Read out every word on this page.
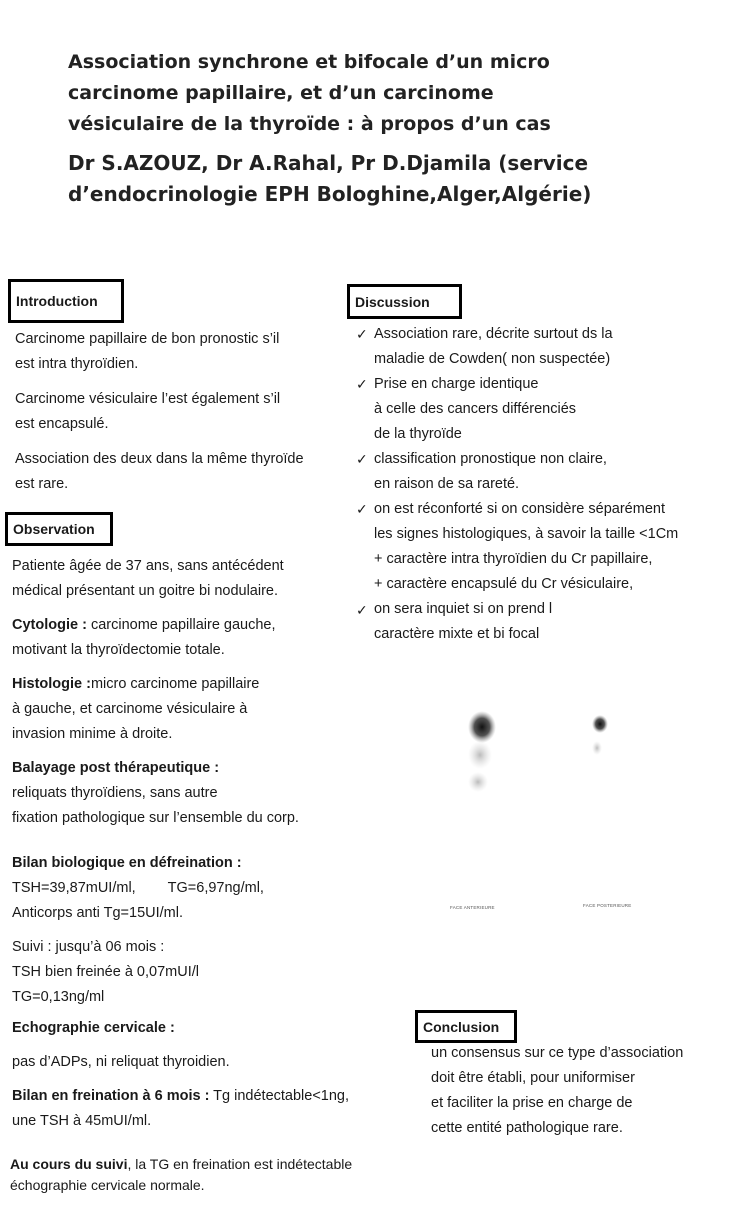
Association synchrone et bifocale d’un micro
carcinome papillaire, et d’un carcinome
vésiculaire de la thyroïde : à propos d’un cas
Dr S.AZOUZ, Dr A.Rahal, Pr D.Djamila (service
d’endocrinologie EPH Bologhine,Alger,Algérie)
Introduction
Carcinome papillaire de bon pronostic s’il
est intra thyroïdien.
Carcinome vésiculaire l’est également s’il
est encapsulé.
Association des deux dans la même thyroïde
est rare.
Observation
Patiente âgée de 37 ans, sans antécédent
médical présentant un goitre bi nodulaire.
Cytologie : carcinome papillaire gauche,
motivant la thyroïdectomie totale.
Histologie :micro carcinome papillaire
à gauche, et carcinome vésiculaire à
invasion minime à droite.
Balayage post thérapeutique :
reliquats thyroïdiens, sans autre
fixation pathologique sur l’ensemble du corp.
Bilan biologique en défreination :
TSH=39,87mUI/ml,        TG=6,97ng/ml,
Anticorps anti Tg=15UI/ml.
Suivi : jusqu’à 06 mois :
TSH bien freinée à 0,07mUI/l
TG=0,13ng/ml
Echographie cervicale :
pas d’ADPs, ni reliquat thyroidien.
Bilan en freination à 6 mois : Tg indétectable<1ng,
une TSH à 45mUI/ml.
Au cours du suivi, la TG en freination est indétectable
échographie cervicale normale.
Discussion
✓
✓
✓
✓
✓
Association rare, décrite surtout ds la
maladie de Cowden( non suspectée)
Prise en charge identique
à celle des cancers différenciés
de la thyroïde
classification pronostique non claire,
en raison de sa rareté.
on est réconforté si on considère séparément
les signes histologiques, à savoir la taille <1Cm
+ caractère intra thyroïdien du Cr papillaire,
+ caractère encapsulé du Cr vésiculaire,
on sera inquiet si on prend l
caractère mixte et bi focal
FACE ANTERIEURE	FACE POSTERIEURE
Conclusion
un consensus sur ce type d’association
doit être établi, pour uniformiser
et faciliter la prise en charge de
cette entité pathologique rare.
